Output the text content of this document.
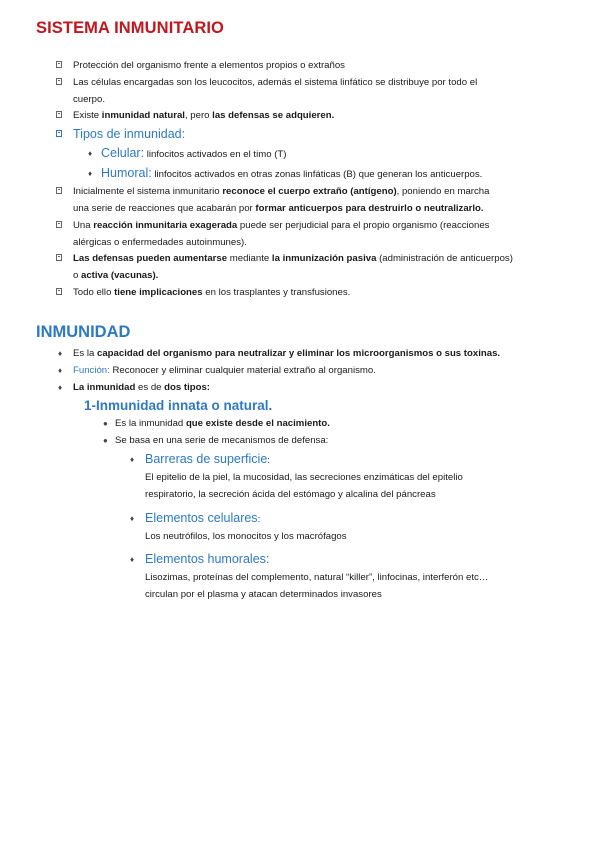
SISTEMA INMUNITARIO
Protección del organismo frente a elementos propios o extraños
Las células encargadas son los leucocitos, además el sistema linfático se distribuye por todo el
cuerpo.
Existe inmunidad natural, pero las defensas se adquieren.
Tipos de inmunidad:
♦ Celular: linfocitos activados en el timo (T)
♦ Humoral: linfocitos activados en otras zonas linfáticas (B) que generan los anticuerpos.
Inicialmente el sistema inmunitario reconoce el cuerpo extraño (antígeno), poniendo en marcha
una serie de reacciones que acabarán por formar anticuerpos para destruirlo o neutralizarlo.
Una reacción inmunitaria exagerada puede ser perjudicial para el propio organismo (reacciones
alérgicas o enfermedades autoinmunes).
Las defensas pueden aumentarse mediante la inmunización pasiva (administración de anticuerpos)
o activa (vacunas).
Todo ello tiene implicaciones en los trasplantes y transfusiones.
INMUNIDAD
♦ Es la capacidad del organismo para neutralizar y eliminar los microorganismos o sus toxinas.
♦ Función: Reconocer y eliminar cualquier material extraño al organismo.
♦ La inmunidad es de dos tipos:
1-Inmunidad innata o natural.
● Es la inmunidad que existe desde el nacimiento.
● Se basa en una serie de mecanismos de defensa:
♦ Barreras de superficie:
El epitelio de la piel, la mucosidad, las secreciones enzimáticas del epitelio
respiratorio, la secreción ácida del estómago y alcalina del páncreas
♦ Elementos celulares:
Los neutrófilos, los monocitos y los macrófagos
♦ Elementos humorales:
Lisozimas, proteínas del complemento, natural “killer”, linfocinas, interferón etc…
circulan por el plasma y atacan determinados invasores
